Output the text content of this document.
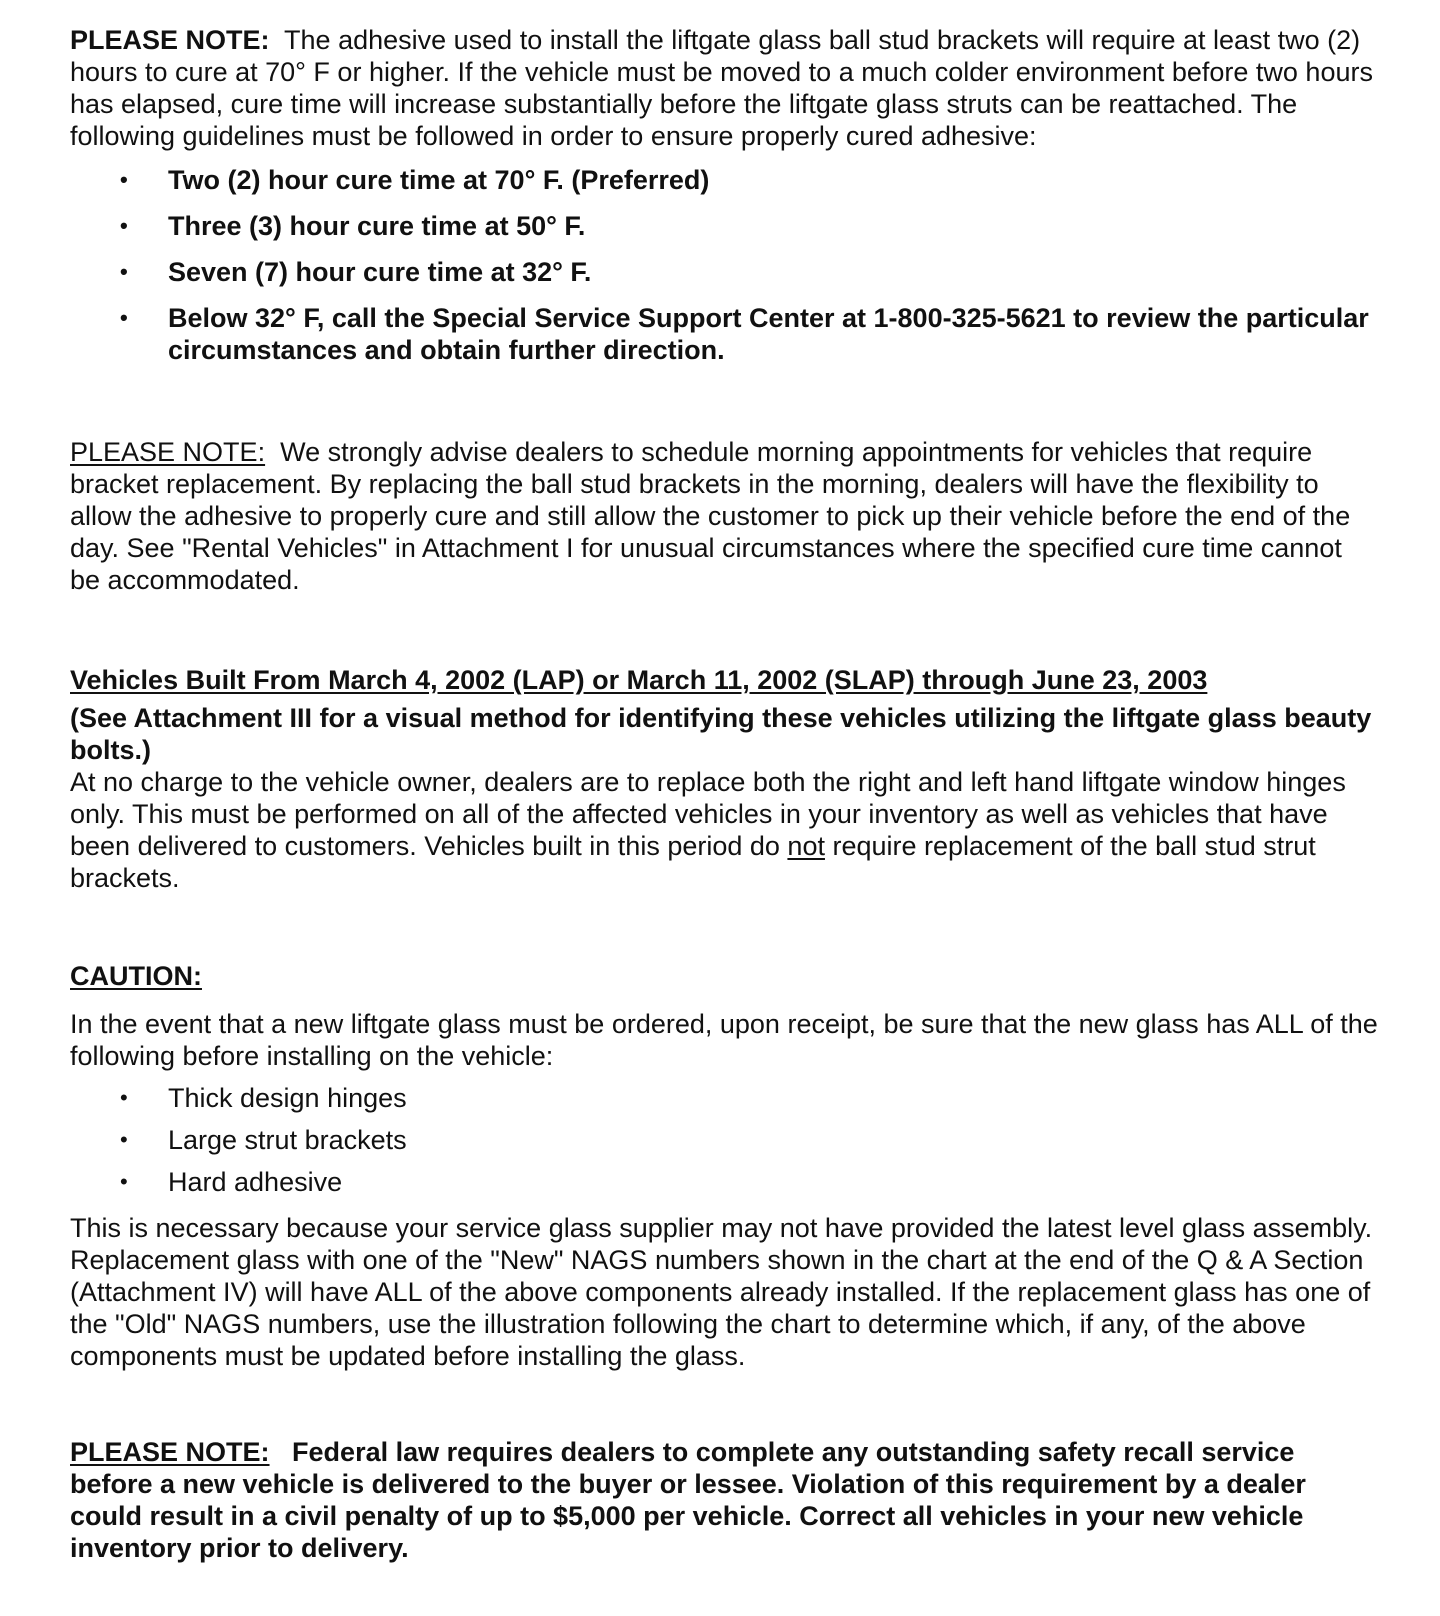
PLEASE NOTE: The adhesive used to install the liftgate glass ball stud brackets will require at least two (2) hours to cure at 70° F or higher. If the vehicle must be moved to a much colder environment before two hours has elapsed, cure time will increase substantially before the liftgate glass struts can be reattached. The following guidelines must be followed in order to ensure properly cured adhesive:

• Two (2) hour cure time at 70° F. (Preferred)
• Three (3) hour cure time at 50° F.
• Seven (7) hour cure time at 32° F.
• Below 32° F, call the Special Service Support Center at 1-800-325-5621 to review the particular circumstances and obtain further direction.

PLEASE NOTE: We strongly advise dealers to schedule morning appointments for vehicles that require bracket replacement. By replacing the ball stud brackets in the morning, dealers will have the flexibility to allow the adhesive to properly cure and still allow the customer to pick up their vehicle before the end of the day. See "Rental Vehicles" in Attachment I for unusual circumstances where the specified cure time cannot be accommodated.

Vehicles Built From March 4, 2002 (LAP) or March 11, 2002 (SLAP) through June 23, 2003

(See Attachment III for a visual method for identifying these vehicles utilizing the liftgate glass beauty bolts.)

At no charge to the vehicle owner, dealers are to replace both the right and left hand liftgate window hinges only. This must be performed on all of the affected vehicles in your inventory as well as vehicles that have been delivered to customers. Vehicles built in this period do not require replacement of the ball stud strut brackets.

CAUTION:

In the event that a new liftgate glass must be ordered, upon receipt, be sure that the new glass has ALL of the following before installing on the vehicle:

• Thick design hinges
• Large strut brackets
• Hard adhesive

This is necessary because your service glass supplier may not have provided the latest level glass assembly. Replacement glass with one of the "New" NAGS numbers shown in the chart at the end of the Q & A Section (Attachment IV) will have ALL of the above components already installed. If the replacement glass has one of the "Old" NAGS numbers, use the illustration following the chart to determine which, if any, of the above components must be updated before installing the glass.

PLEASE NOTE: Federal law requires dealers to complete any outstanding safety recall service before a new vehicle is delivered to the buyer or lessee. Violation of this requirement by a dealer could result in a civil penalty of up to $5,000 per vehicle. Correct all vehicles in your new vehicle inventory prior to delivery.
